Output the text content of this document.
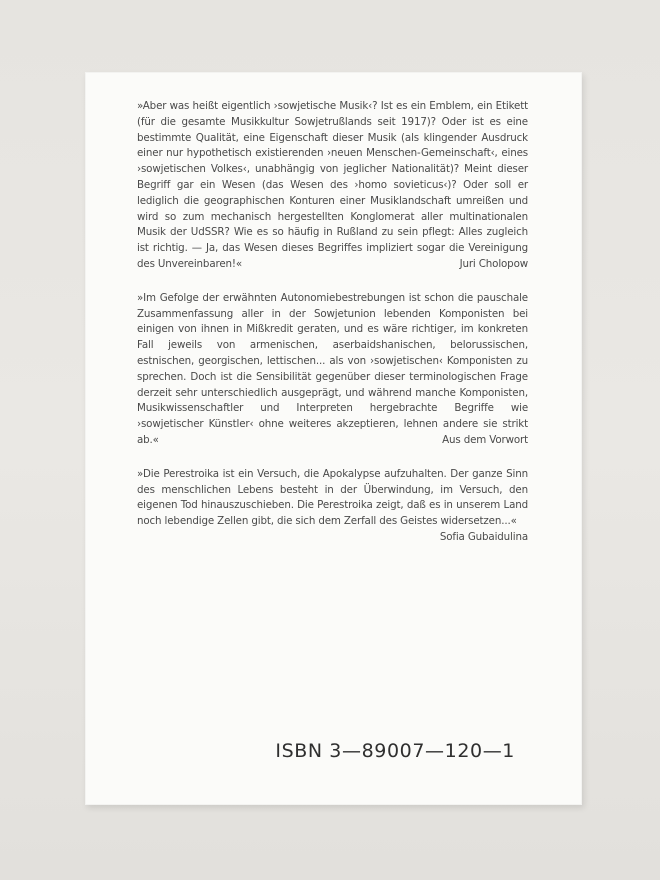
»Aber was heißt eigentlich ›sowjetische Musik‹? Ist es ein Emblem, ein Etikett (für die gesamte Musikkultur Sowjetrußlands seit 1917)? Oder ist es eine bestimmte Qualität, eine Eigenschaft dieser Musik (als klingender Ausdruck einer nur hypothetisch existierenden ›neuen Menschen-Gemeinschaft‹, eines ›sowjetischen Volkes‹, unabhängig von jeglicher Nationalität)? Meint dieser Begriff gar ein Wesen (das Wesen des ›homo sovieticus‹)? Oder soll er lediglich die geographischen Konturen einer Musiklandschaft umreißen und wird so zum mechanisch hergestellten Konglomerat aller multinationalen Musik der UdSSR? Wie es so häufig in Rußland zu sein pflegt: Alles zugleich ist richtig. — Ja, das Wesen dieses Begriffes impliziert sogar die Vereinigung des Unvereinbaren!«	Juri Cholopow

»Im Gefolge der erwähnten Autonomiebestrebungen ist schon die pauschale Zusammenfassung aller in der Sowjetunion lebenden Komponisten bei einigen von ihnen in Mißkredit geraten, und es wäre richtiger, im konkreten Fall jeweils von armenischen, aserbaidshanischen, belorussischen, estnischen, georgischen, lettischen... als von ›sowjetischen‹ Komponisten zu sprechen. Doch ist die Sensibilität gegenüber dieser terminologischen Frage derzeit sehr unterschiedlich ausgeprägt, und während manche Komponisten, Musikwissenschaftler und Interpreten hergebrachte Begriffe wie ›sowjetischer Künstler‹ ohne weiteres akzeptieren, lehnen andere sie strikt ab.«	Aus dem Vorwort

»Die Perestroika ist ein Versuch, die Apokalypse aufzuhalten. Der ganze Sinn des menschlichen Lebens besteht in der Überwindung, im Versuch, den eigenen Tod hinauszuschieben. Die Perestroika zeigt, daß es in unserem Land noch lebendige Zellen gibt, die sich dem Zerfall des Geistes widersetzen...«
Sofia Gubaidulina

ISBN 3—89007—120—1
